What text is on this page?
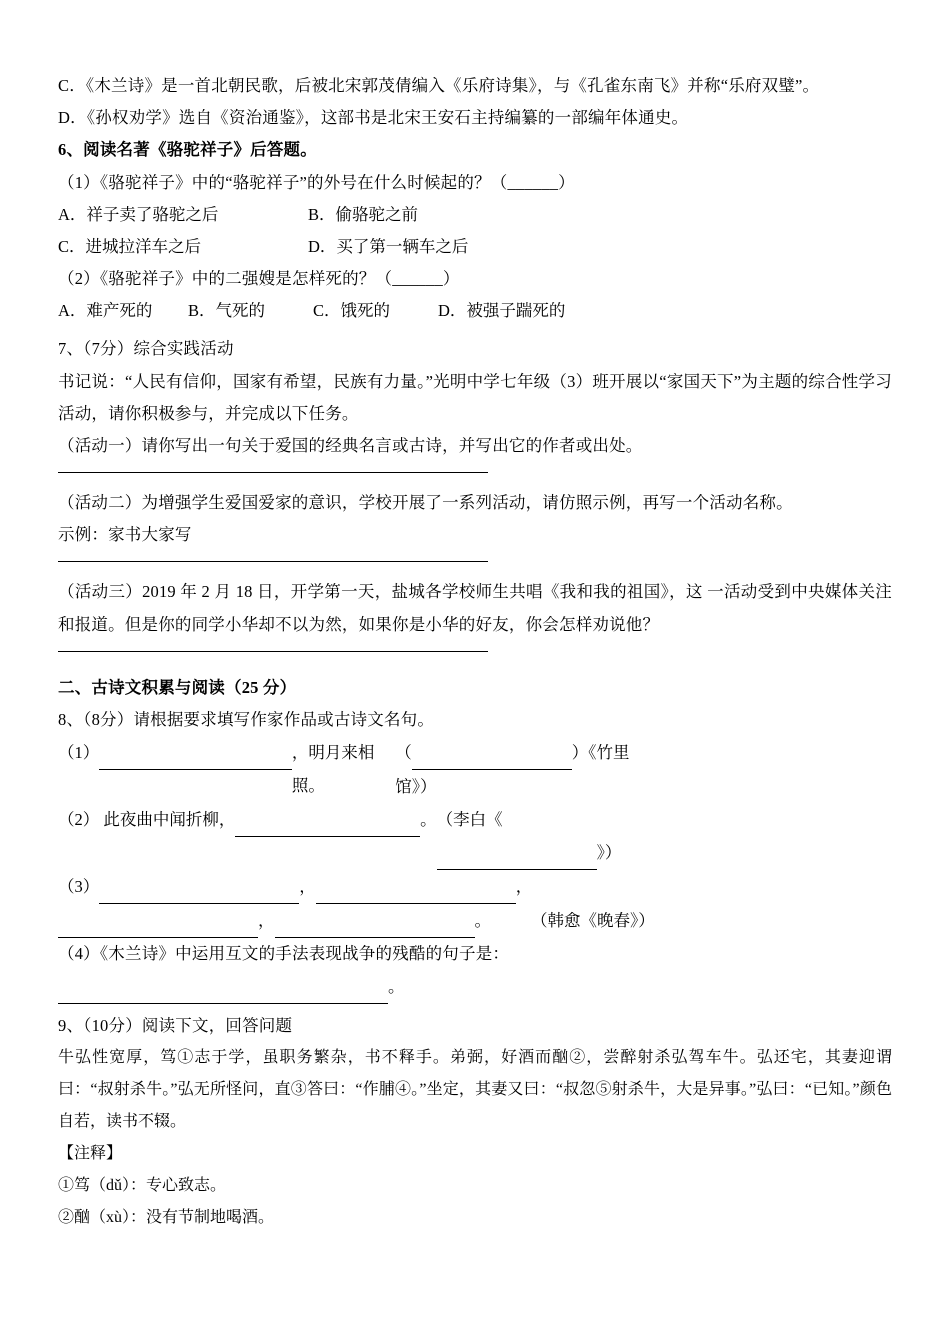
C．《木兰诗》是一首北朝民歌，后被北宋郭茂倩编入《乐府诗集》，与《孔雀东南飞》并称“乐府双璧”。
D．《孙权劝学》选自《资治通鉴》，这部书是北宋王安石主持编纂的一部编年体通史。
6、阅读名著《骆驼祥子》后答题。
（1）《骆驼祥子》中的“骆驼祥子”的外号在什么时候起的？（______）
A．祥子卖了骆驼之后	B．偷骆驼之前
C．进城拉洋车之后	D．买了第一辆车之后
（2）《骆驼祥子》中的二强嫂是怎样死的？（______）
A．难产死的	B．气死的	C．饿死的	D．被强子踹死的
7、（7分）综合实践活动
书记说：“人民有信仰，国家有希望，民族有力量。”光明中学七年级（3）班开展以“家国天下”为主题的综合性学习活动，请你积极参与，并完成以下任务。
（活动一）请你写出一句关于爱国的经典名言或古诗，并写出它的作者或出处。
（活动二）为增强学生爱国爱家的意识，学校开展了一系列活动，请仿照示例，再写一个活动名称。
示例：家书大家写
（活动三）2019 年 2 月 18 日，开学第一天，盐城各学校师生共唱《我和我的祖国》，这 一活动受到中央媒体关注和报道。但是你的同学小华却不以为然，如果你是小华的好友，你会怎样劝说他？
二、古诗文积累与阅读（25 分）
8、（8分）请根据要求填写作家作品或古诗文名句。
（1）
	，明月来相照。
（	）《竹里馆》）
（2） 此夜曲中闻折柳，
	。 （李白《 》）
（3）
	，
	，

，
	。	（韩愈《晚春》）
（4）《木兰诗》中运用互文的手法表现战争的残酷的句子是：

。
9、（10分）阅读下文，回答问题
牛弘性宽厚，笃①志于学，虽职务繁杂，书不释手。弟弼，好酒而酗②，尝醉射杀弘驾车牛。弘还宅，其妻迎谓曰：“叔射杀牛。”弘无所怪问，直③答曰：“作脯④。”坐定，其妻又曰：“叔忽⑤射杀牛，大是异事。”弘曰：“已知。”颜色自若，读书不辍。
【注释】
①笃（dǔ）：专心致志。
②酗（xù）：没有节制地喝酒。
